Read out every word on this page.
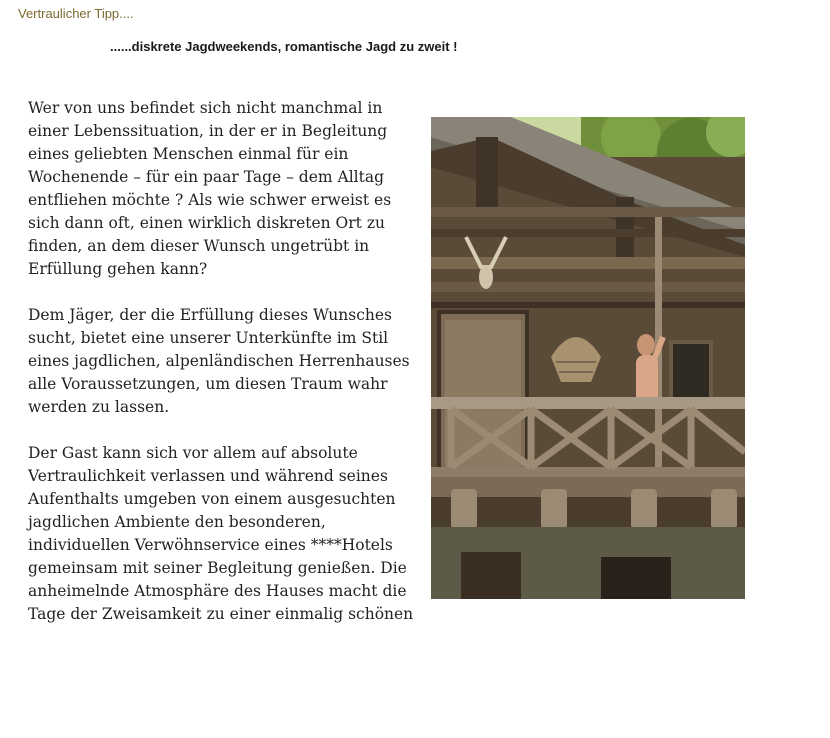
Vertraulicher Tipp....
......diskrete Jagdweekends, romantische Jagd zu zweit !

Wer von uns befindet sich nicht manchmal in einer Lebenssituation, in der er in Begleitung eines geliebten Menschen einmal für ein Wochenende – für ein paar Tage – dem Alltag entfliehen möchte ? Als wie schwer erweist es sich dann oft, einen wirklich diskreten Ort zu finden, an dem dieser Wunsch ungetrübt in Erfüllung gehen kann?

Dem Jäger, der die Erfüllung dieses Wunsches sucht, bietet eine unserer Unterkünfte im Stil eines jagdlichen, alpenländischen Herrenhauses alle Voraussetzungen, um diesen Traum wahr werden zu lassen.

Der Gast kann sich vor allem auf absolute Vertraulichkeit verlassen und während seines Aufenthalts umgeben von einem ausgesuchten jagdlichen Ambiente den besonderen, individuellen Verwöhnservice eines ****Hotels gemeinsam mit seiner Begleitung genießen. Die anheimelnde Atmosphäre des Hauses macht die Tage der Zweisamkeit zu einer einmalig schönen
